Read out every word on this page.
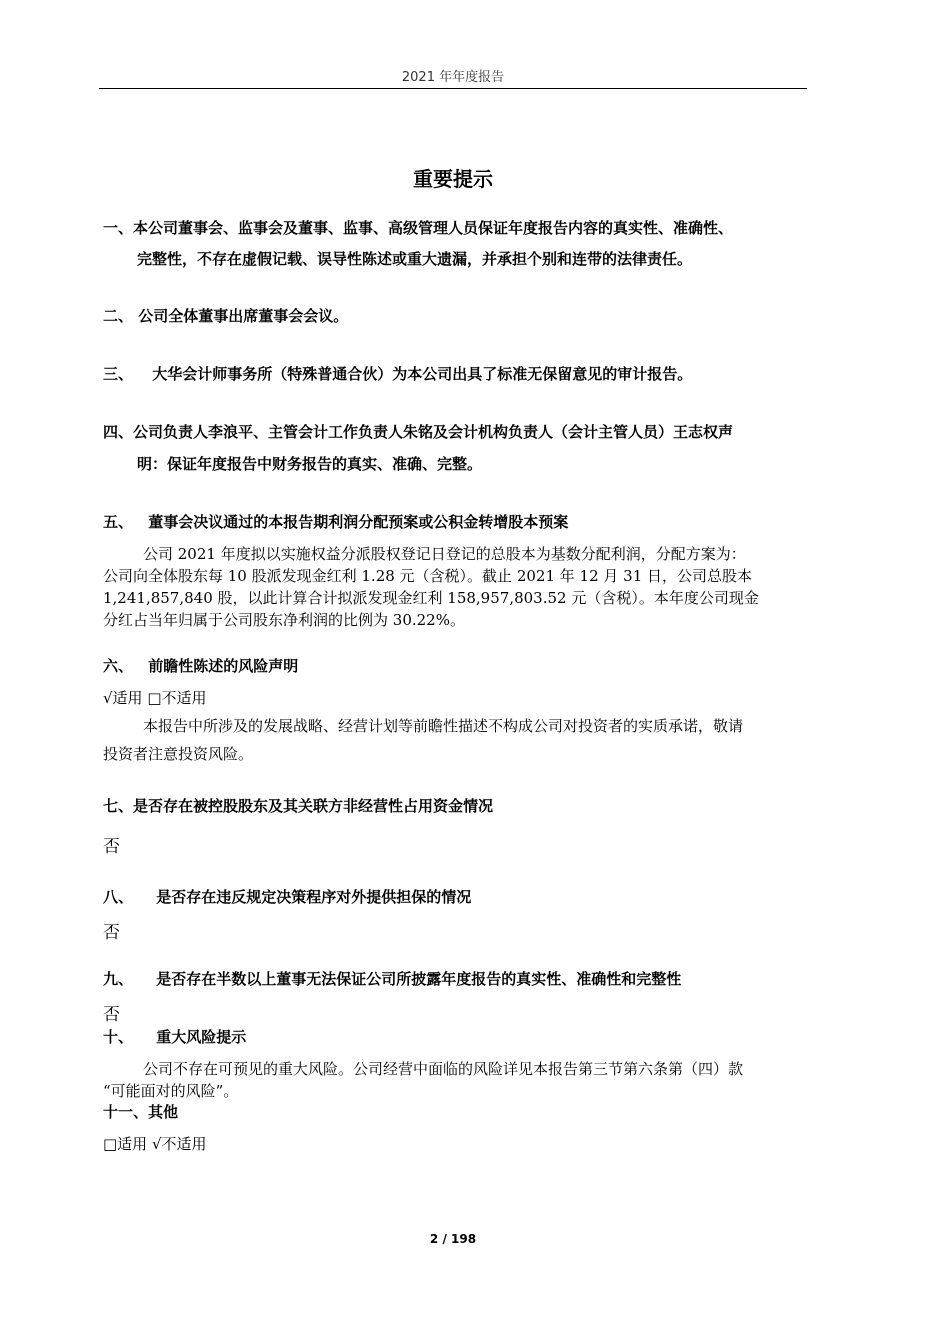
2021 年年度报告
重要提示
一、本公司董事会、监事会及董事、监事、高级管理人员保证年度报告内容的真实性、准确性、
完整性，不存在虚假记载、误导性陈述或重大遗漏，并承担个别和连带的法律责任。
二、 公司全体董事出席董事会会议。
三、 大华会计师事务所（特殊普通合伙）为本公司出具了标准无保留意见的审计报告。
四、公司负责人李浪平、主管会计工作负责人朱铭及会计机构负责人（会计主管人员）王志权声
明：保证年度报告中财务报告的真实、准确、完整。
五、 董事会决议通过的本报告期利润分配预案或公积金转增股本预案
公司 2021 年度拟以实施权益分派股权登记日登记的总股本为基数分配利润，分配方案为：
公司向全体股东每 10 股派发现金红利 1.28 元（含税）。截止 2021 年 12 月 31 日，公司总股本
1,241,857,840 股，以此计算合计拟派发现金红利 158,957,803.52 元（含税）。本年度公司现金
分红占当年归属于公司股东净利润的比例为 30.22%。
六、 前瞻性陈述的风险声明
√适用 □不适用
本报告中所涉及的发展战略、经营计划等前瞻性描述不构成公司对投资者的实质承诺，敬请
投资者注意投资风险。
七、是否存在被控股股东及其关联方非经营性占用资金情况
否
八、 是否存在违反规定决策程序对外提供担保的情况
否
九、 是否存在半数以上董事无法保证公司所披露年度报告的真实性、准确性和完整性
否
十、 重大风险提示
公司不存在可预见的重大风险。公司经营中面临的风险详见本报告第三节第六条第（四）款
“可能面对的风险”。
十一、其他
□适用 √不适用
2 / 198
